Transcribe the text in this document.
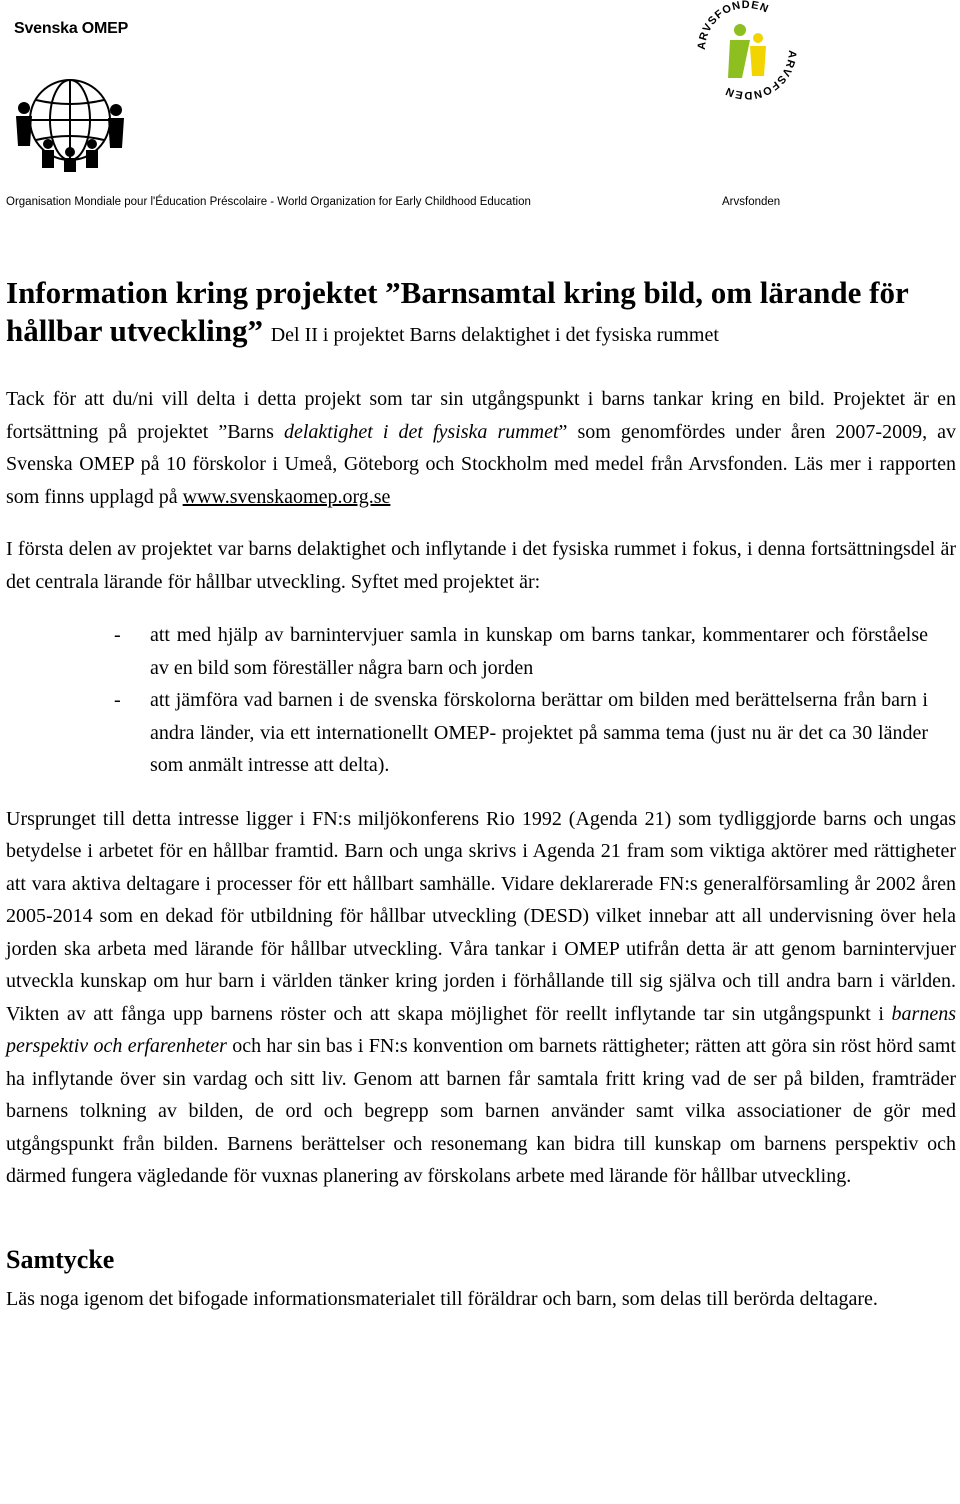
Svenska OMEP
ARVSFONDEN
ARVSFONDEN
Organisation Mondiale pour l'Éducation Préscolaire - World Organization for Early Childhood Education	Arvsfonden
Information kring projektet ”Barnsamtal kring bild, om lärande för hållbar utveckling” Del II i projektet Barns delaktighet i det fysiska rummet

Tack för att du/ni vill delta i detta projekt som tar sin utgångspunkt i barns tankar kring en bild. Projektet är en fortsättning på projektet ”Barns delaktighet i det fysiska rummet” som genomfördes under åren 2007-2009, av Svenska OMEP på 10 förskolor i Umeå, Göteborg och Stockholm med medel från Arvsfonden. Läs mer i rapporten som finns upplagd på www.svenskaomep.org.se

I första delen av projektet var barns delaktighet och inflytande i det fysiska rummet i fokus, i denna fortsättningsdel är det centrala lärande för hållbar utveckling. Syftet med projektet är:

- att med hjälp av barnintervjuer samla in kunskap om barns tankar, kommentarer och förståelse av en bild som föreställer några barn och jorden
- att jämföra vad barnen i de svenska förskolorna berättar om bilden med berättelserna från barn i andra länder, via ett internationellt OMEP- projektet på samma tema (just nu är det ca 30 länder som anmält intresse att delta).

Ursprunget till detta intresse ligger i FN:s miljökonferens Rio 1992 (Agenda 21) som tydliggjorde barns och ungas betydelse i arbetet för en hållbar framtid. Barn och unga skrivs i Agenda 21 fram som viktiga aktörer med rättigheter att vara aktiva deltagare i processer för ett hållbart samhälle. Vidare deklarerade FN:s generalförsamling år 2002 åren 2005-2014 som en dekad för utbildning för hållbar utveckling (DESD) vilket innebar att all undervisning över hela jorden ska arbeta med lärande för hållbar utveckling. Våra tankar i OMEP utifrån detta är att genom barnintervjuer utveckla kunskap om hur barn i världen tänker kring jorden i förhållande till sig själva och till andra barn i världen. Vikten av att fånga upp barnens röster och att skapa möjlighet för reellt inflytande tar sin utgångspunkt i barnens perspektiv och erfarenheter och har sin bas i FN:s konvention om barnets rättigheter; rätten att göra sin röst hörd samt ha inflytande över sin vardag och sitt liv. Genom att barnen får samtala fritt kring vad de ser på bilden, framträder barnens tolkning av bilden, de ord och begrepp som barnen använder samt vilka associationer de gör med utgångspunkt från bilden. Barnens berättelser och resonemang kan bidra till kunskap om barnens perspektiv och därmed fungera vägledande för vuxnas planering av förskolans arbete med lärande för hållbar utveckling.

Samtycke

Läs noga igenom det bifogade informationsmaterialet till föräldrar och barn, som delas till berörda deltagare.
